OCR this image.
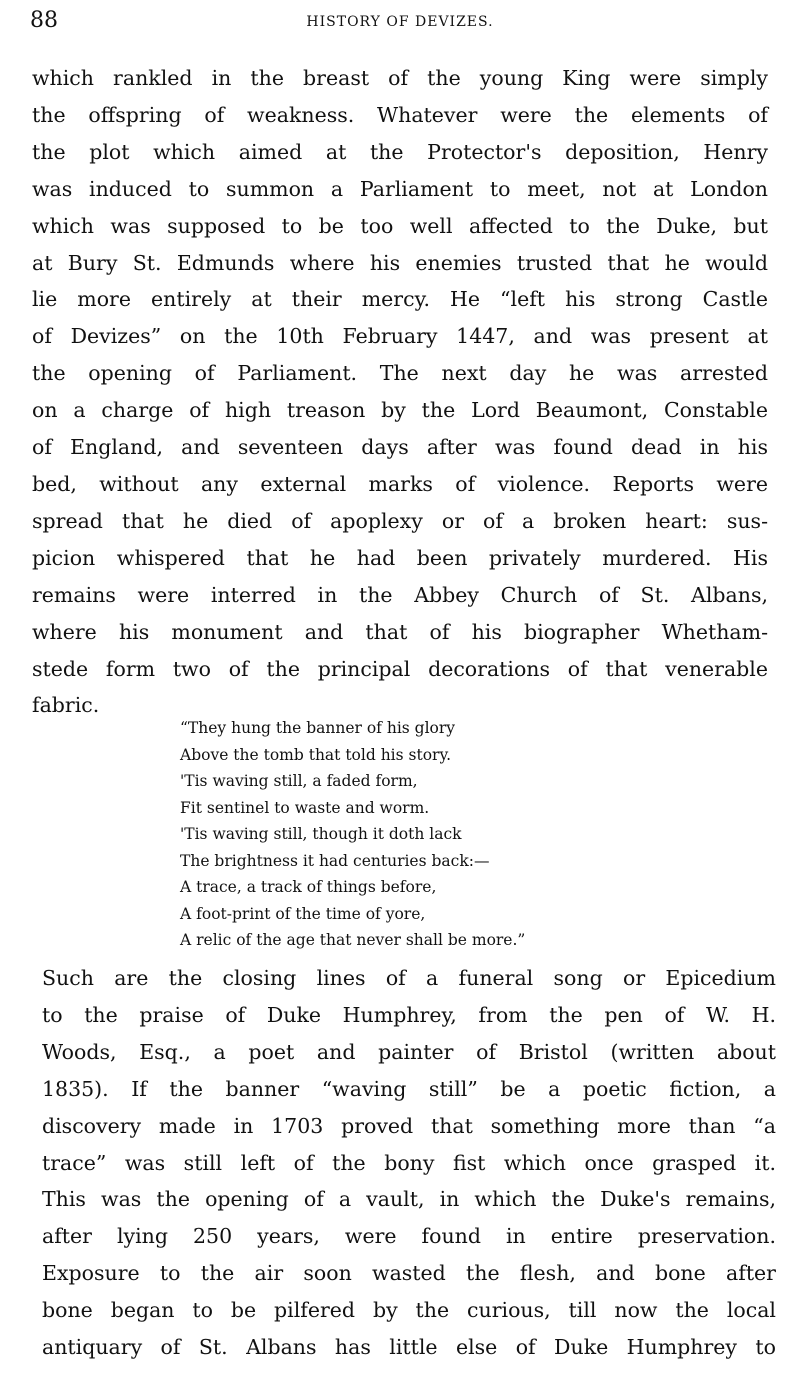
88	HISTORY OF DEVIZES.
which rankled in the breast of the young King were simply
the offspring of weakness. Whatever were the elements of
the plot which aimed at the Protector's deposition, Henry
was induced to summon a Parliament to meet, not at London
which was supposed to be too well affected to the Duke, but
at Bury St. Edmunds where his enemies trusted that he would
lie more entirely at their mercy. He “left his strong Castle
of Devizes” on the 10th February 1447, and was present at
the opening of Parliament. The next day he was arrested
on a charge of high treason by the Lord Beaumont, Constable
of England, and seventeen days after was found dead in his
bed, without any external marks of violence. Reports were
spread that he died of apoplexy or of a broken heart: sus-
picion whispered that he had been privately murdered. His
remains were interred in the Abbey Church of St. Albans,
where his monument and that of his biographer Whetham-
stede form two of the principal decorations of that venerable
fabric.
“They hung the banner of his glory
Above the tomb that told his story.
'Tis waving still, a faded form,
Fit sentinel to waste and worm.
'Tis waving still, though it doth lack
The brightness it had centuries back:—
A trace, a track of things before,
A foot-print of the time of yore,
A relic of the age that never shall be more.”
Such are the closing lines of a funeral song or Epicedium
to the praise of Duke Humphrey, from the pen of W. H.
Woods, Esq., a poet and painter of Bristol (written about
1835). If the banner “waving still” be a poetic fiction, a
discovery made in 1703 proved that something more than “a
trace” was still left of the bony fist which once grasped it.
This was the opening of a vault, in which the Duke's remains,
after lying 250 years, were found in entire preservation.
Exposure to the air soon wasted the flesh, and bone after
bone began to be pilfered by the curious, till now the local
antiquary of St. Albans has little else of Duke Humphrey to
